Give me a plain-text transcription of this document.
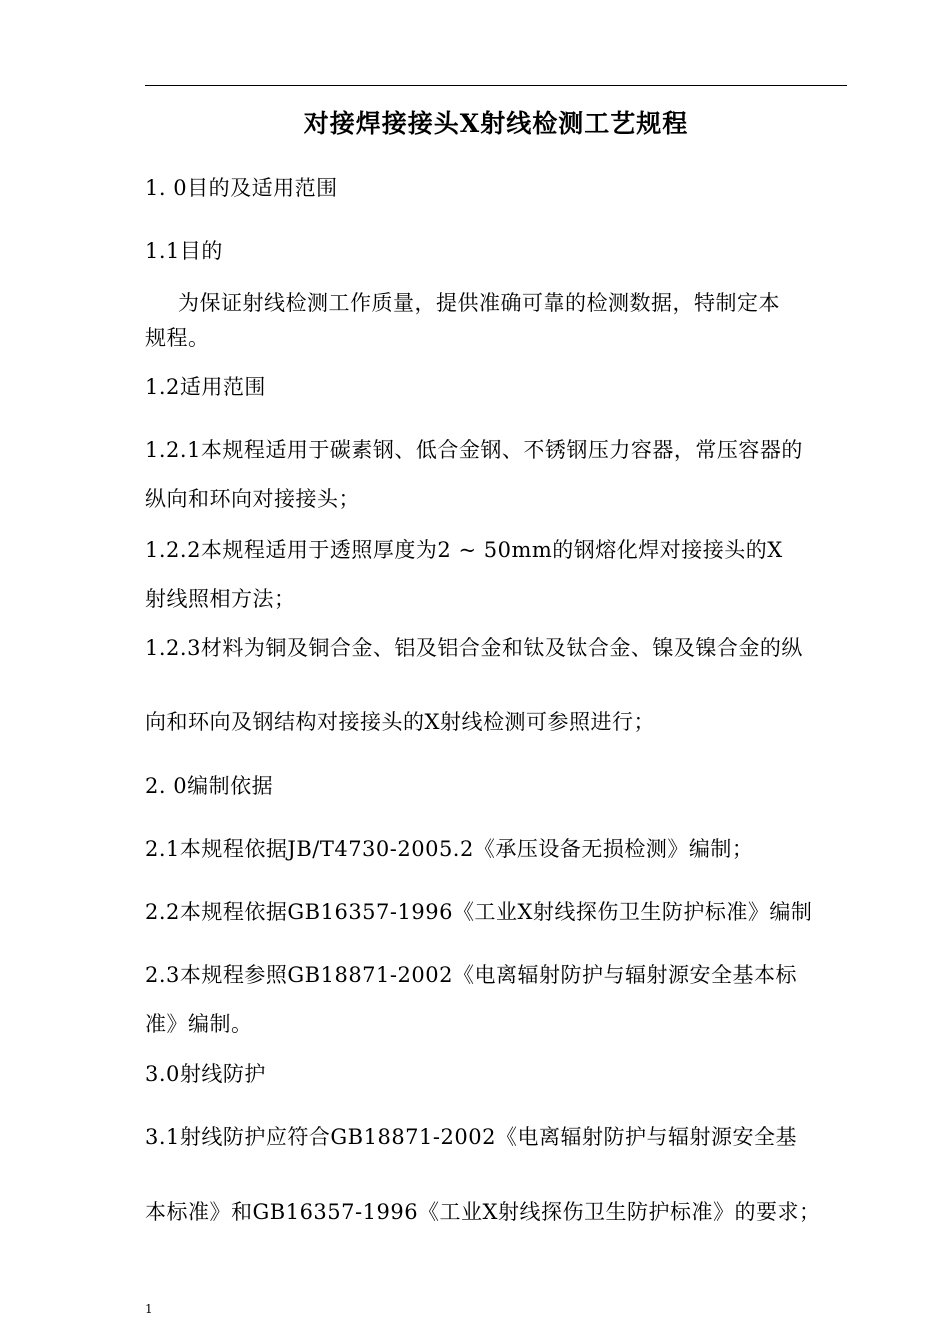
对接焊接接头X射线检测工艺规程
1. 0目的及适用范围
1.1目的
为保证射线检测工作质量，提供准确可靠的检测数据，特制定本
规程。
1.2适用范围
1.2.1本规程适用于碳素钢、低合金钢、不锈钢压力容器，常压容器的
纵向和环向对接接头；
1.2.2本规程适用于透照厚度为2 ~ 50mm的钢熔化焊对接接头的X
射线照相方法；
1.2.3材料为铜及铜合金、铝及铝合金和钛及钛合金、镍及镍合金的纵
向和环向及钢结构对接接头的X射线检测可参照进行；
2. 0编制依据
2.1本规程依据JB/T4730-2005.2《承压设备无损检测》编制；
2.2本规程依据GB16357-1996《工业X射线探伤卫生防护标准》编制
2.3本规程参照GB18871-2002《电离辐射防护与辐射源安全基本标
准》编制。
3.0射线防护
3.1射线防护应符合GB18871-2002《电离辐射防护与辐射源安全基
本标准》和GB16357-1996《工业X射线探伤卫生防护标准》的要求；
1
